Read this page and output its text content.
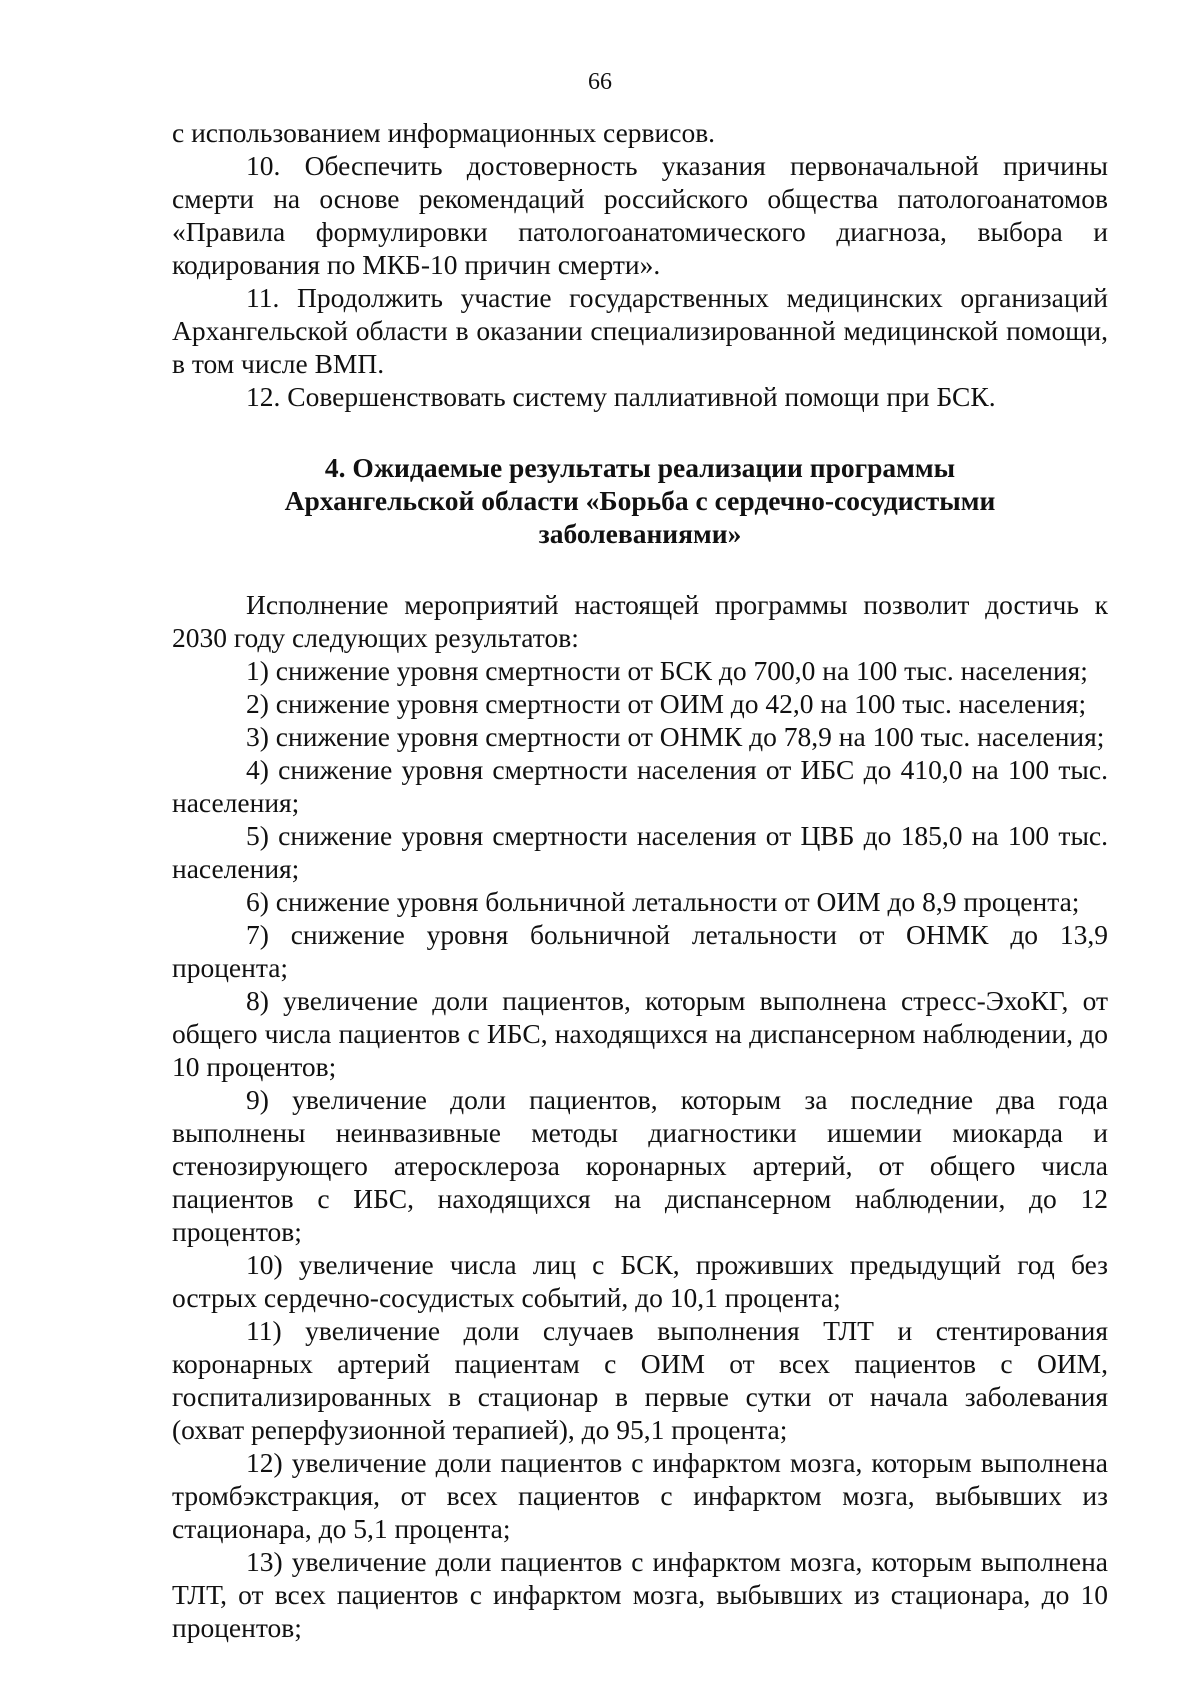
66

с использованием информационных сервисов.

10. Обеспечить достоверность указания первоначальной причины смерти на основе рекомендаций российского общества патологоанатомов «Правила формулировки патологоанатомического диагноза, выбора и кодирования по МКБ-10 причин смерти».

11. Продолжить участие государственных медицинских организаций Архангельской области в оказании специализированной медицинской помощи, в том числе ВМП.

12. Совершенствовать систему паллиативной помощи при БСК.

4. Ожидаемые результаты реализации программы
Архангельской области «Борьба с сердечно-сосудистыми
заболеваниями»

Исполнение мероприятий настоящей программы позволит достичь к 2030 году следующих результатов:

1) снижение уровня смертности от БСК до 700,0 на 100 тыс. населения;

2) снижение уровня смертности от ОИМ до 42,0 на 100 тыс. населения;

3) снижение уровня смертности от ОНМК до 78,9 на 100 тыс. населения;

4) снижение уровня смертности населения от ИБС до 410,0 на 100 тыс. населения;

5) снижение уровня смертности населения от ЦВБ до 185,0 на 100 тыс. населения;

6) снижение уровня больничной летальности от ОИМ до 8,9 процента;

7) снижение уровня больничной летальности от ОНМК до 13,9 процента;

8) увеличение доли пациентов, которым выполнена стресс-ЭхоКГ, от общего числа пациентов с ИБС, находящихся на диспансерном наблюдении, до 10 процентов;

9) увеличение доли пациентов, которым за последние два года выполнены неинвазивные методы диагностики ишемии миокарда и стенозирующего атеросклероза коронарных артерий, от общего числа пациентов с ИБС, находящихся на диспансерном наблюдении, до 12 процентов;

10) увеличение числа лиц с БСК, проживших предыдущий год без острых сердечно-сосудистых событий, до 10,1 процента;

11) увеличение доли случаев выполнения ТЛТ и стентирования коронарных артерий пациентам с ОИМ от всех пациентов с ОИМ, госпитализированных в стационар в первые сутки от начала заболевания (охват реперфузионной терапией), до 95,1 процента;

12) увеличение доли пациентов с инфарктом мозга, которым выполнена тромбэкстракция, от всех пациентов с инфарктом мозга, выбывших из стационара, до 5,1 процента;

13) увеличение доли пациентов с инфарктом мозга, которым выполнена ТЛТ, от всех пациентов с инфарктом мозга, выбывших из стационара, до 10 процентов;
